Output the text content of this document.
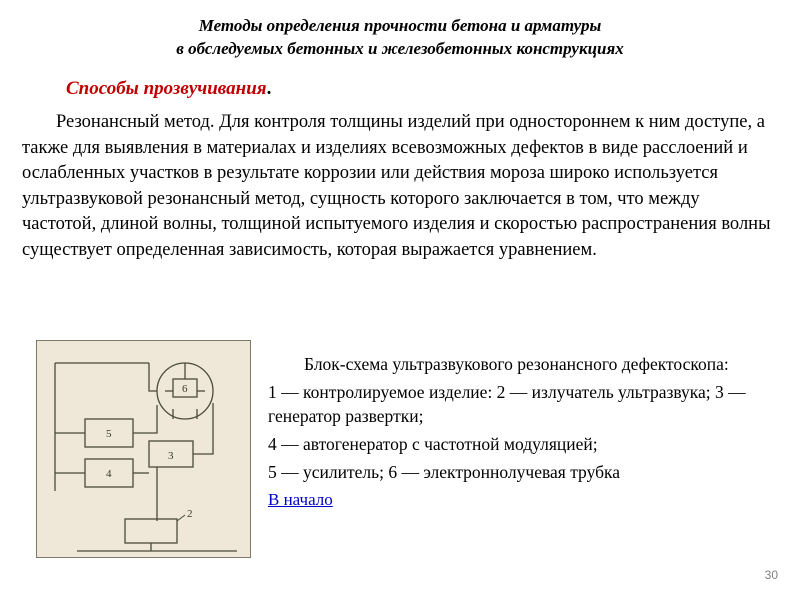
Методы определения прочности бетона и арматуры
в обследуемых бетонных и железобетонных конструкциях
Способы прозвучивания.
Резонансный метод. Для контроля толщины изделий при одностороннем к ним доступе, а также для выявления в материалах и изделиях всевозможных дефектов в виде расслоений и ослабленных участков в результате коррозии или действия мороза широко используется ультразвуковой резонансный метод, сущность которого заключается в том, что между частотой, длиной волны, толщиной испытуемого изделия и скоростью распространения волны существует определенная зависимость, которая выражается уравнением.
6
5
3
4
2

Блок-схема ультразвукового резонансного дефектоскопа:

1 — контролируемое изделие: 2 — излучатель ультразвука; 3 — генератор развертки;

4 — автогенератор с частотной модуляцией;

5 — усилитель; 6 — электроннолучевая трубка

В начало
30
